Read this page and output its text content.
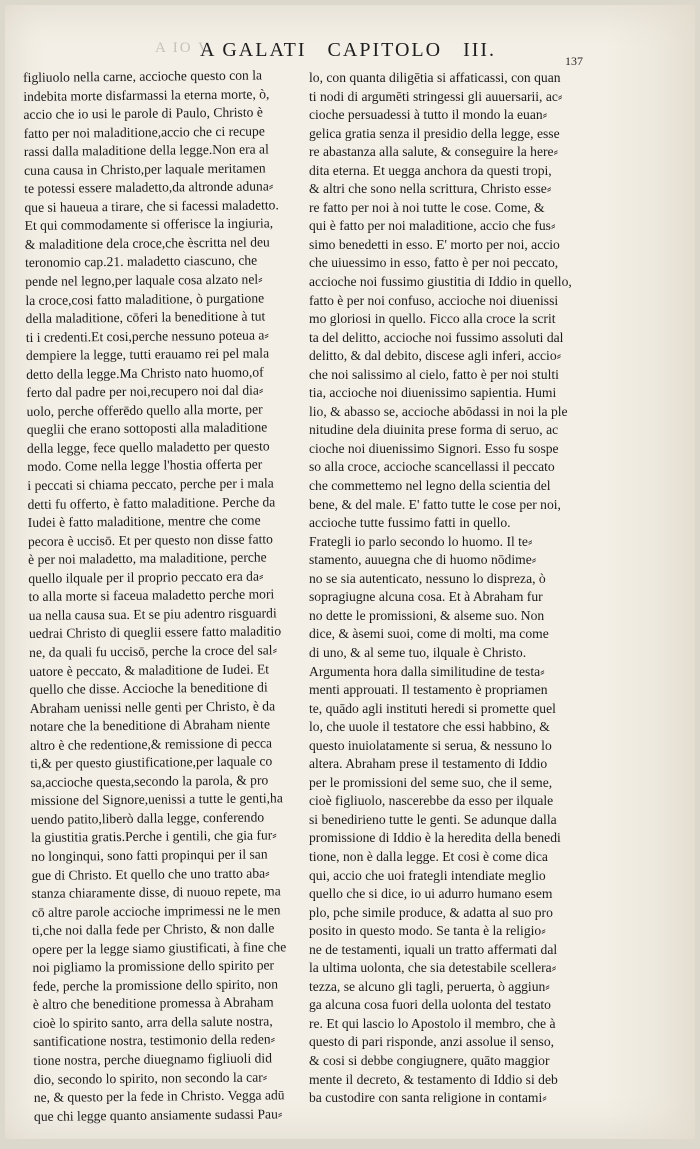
A IO V
A GALATI CAPITOLO III.	137
figliuolo nella carne, accioche questo con la
indebita morte disfarmassi la eterna morte, ò,
accio che io usi le parole di Paulo, Christo è
fatto per noi maladitione,accio che ci recupe
rassi dalla maladitione della legge.Non era al
cuna causa in Christo,per laquale meritamen
te potessi essere maladetto,da altronde aduna⸗
que si haueua a tirare, che si facessi maladetto.
Et qui commodamente si offerisce la ingiuria,
& maladitione dela croce,che èscritta nel deu
teronomio cap.21. maladetto ciascuno, che
pende nel legno,per laquale cosa alzato nel⸗
la croce,cosi fatto maladitione, ò purgatione
della maladitione, cōferi la beneditione à tut
ti i credenti.Et cosi,perche nessuno poteua a⸗
dempiere la legge, tutti erauamo rei pel mala
detto della legge.Ma Christo nato huomo,of
ferto dal padre per noi,recupero noi dal dia⸗
uolo, perche offerēdo quello alla morte, per
queglii che erano sottoposti alla maladitione
della legge, fece quello maladetto per questo
modo. Come nella legge l'hostia offerta per
i peccati si chiama peccato, perche per i mala
detti fu offerto, è fatto maladitione. Perche da
Iudei è fatto maladitione, mentre che come
pecora è uccisō. Et per questo non disse fatto
è per noi maladetto, ma maladitione, perche
quello ilquale per il proprio peccato era da⸗
to alla morte si faceua maladetto perche mori
ua nella causa sua. Et se piu adentro risguardi
uedrai Christo di queglii essere fatto maladitio
ne, da quali fu uccisō, perche la croce del sal⸗
uatore è peccato, & maladitione de Iudei. Et
quello che disse. Accioche la beneditione di
Abraham uenissi nelle genti per Christo, è da
notare che la beneditione di Abraham niente
altro è che redentione,& remissione di pecca
ti,& per questo giustificatione,per laquale co
sa,accioche questa,secondo la parola, & pro
missione del Signore,uenissi a tutte le genti,ha
uendo patito,liberò dalla legge, conferendo
la giustitia gratis.Perche i gentili, che gia fur⸗
no longinqui, sono fatti propinqui per il san
gue di Christo. Et quello che uno tratto aba⸗
stanza chiaramente disse, di nuouo repete, ma
cō altre parole accioche imprimessi ne le men
ti,che noi dalla fede per Christo, & non dalle
opere per la legge siamo giustificati, à fine che
noi pigliamo la promissione dello spirito per
fede, perche la promissione dello spirito, non
è altro che beneditione promessa à Abraham
cioè lo spirito santo, arra della salute nostra,
santificatione nostra, testimonio della reden⸗
tione nostra, perche diuegnamo figliuoli did
dio, secondo lo spirito, non secondo la car⸗
ne, & questo per la fede in Christo. Vegga adū
que chi legge quanto ansiamente sudassi Pau⸗
lo, con quanta diligētia si affaticassi, con quan
ti nodi di argumēti stringessi gli auuersarii, ac⸗
cioche persuadessi à tutto il mondo la euan⸗
gelica gratia senza il presidio della legge, esse
re abastanza alla salute, & conseguire la here⸗
dita eterna. Et uegga anchora da questi tropi,
& altri che sono nella scrittura, Christo esse⸗
re fatto per noi à noi tutte le cose. Come, &
qui è fatto per noi maladitione, accio che fus⸗
simo benedetti in esso. E' morto per noi, accio
che uiuessimo in esso, fatto è per noi peccato,
accioche noi fussimo giustitia di Iddio in quello,
fatto è per noi confuso, accioche noi diuenissi
mo gloriosi in quello. Ficco alla croce la scrit
ta del delitto, accioche noi fussimo assoluti dal
delitto, & dal debito, discese agli inferi, accio⸗
che noi salissimo al cielo, fatto è per noi stulti
tia, accioche noi diuenissimo sapientia. Humi
lio, & abasso se, accioche abōdassi in noi la ple
nitudine dela diuinita prese forma di seruo, ac
cioche noi diuenissimo Signori. Esso fu sospe
so alla croce, accioche scancellassi il peccato
che commettemo nel legno della scientia del
bene, & del male. E' fatto tutte le cose per noi,
accioche tutte fussimo fatti in quello.
Frategli io parlo secondo lo huomo. Il te⸗
stamento, auuegna che di huomo nōdime⸗
no se sia autenticato, nessuno lo dispreza, ò
sopragiugne alcuna cosa. Et à Abraham fur
no dette le promissioni, & alseme suo. Non
dice, & àsemi suoi, come di molti, ma come
di uno, & al seme tuo, ilquale è Christo.
Argumenta hora dalla similitudine de testa⸗
menti approuati. Il testamento è propriamen
te, quādo agli instituti heredi si promette quel
lo, che uuole il testatore che essi habbino, &
questo inuiolatamente si serua, & nessuno lo
altera. Abraham prese il testamento di Iddio
per le promissioni del seme suo, che il seme,
cioè figliuolo, nascerebbe da esso per ilquale
si benedirieno tutte le genti. Se adunque dalla
promissione di Iddio è la heredita della benedi
tione, non è dalla legge. Et cosi è come dica
qui, accio che uoi frategli intendiate meglio
quello che si dice, io ui adurro humano esem
plo, pche simile produce, & adatta al suo pro
posito in questo modo. Se tanta è la religio⸗
ne de testamenti, iquali un tratto affermati dal
la ultima uolonta, che sia detestabile scellera⸗
tezza, se alcuno gli tagli, peruerta, ò aggiun⸗
ga alcuna cosa fuori della uolonta del testato
re. Et qui lascio lo Apostolo il membro, che à
questo di pari risponde, anzi assolue il senso,
& cosi si debbe congiugnere, quāto maggior
mente il decreto, & testamento di Iddio si deb
ba custodire con santa religione in contami⸗
